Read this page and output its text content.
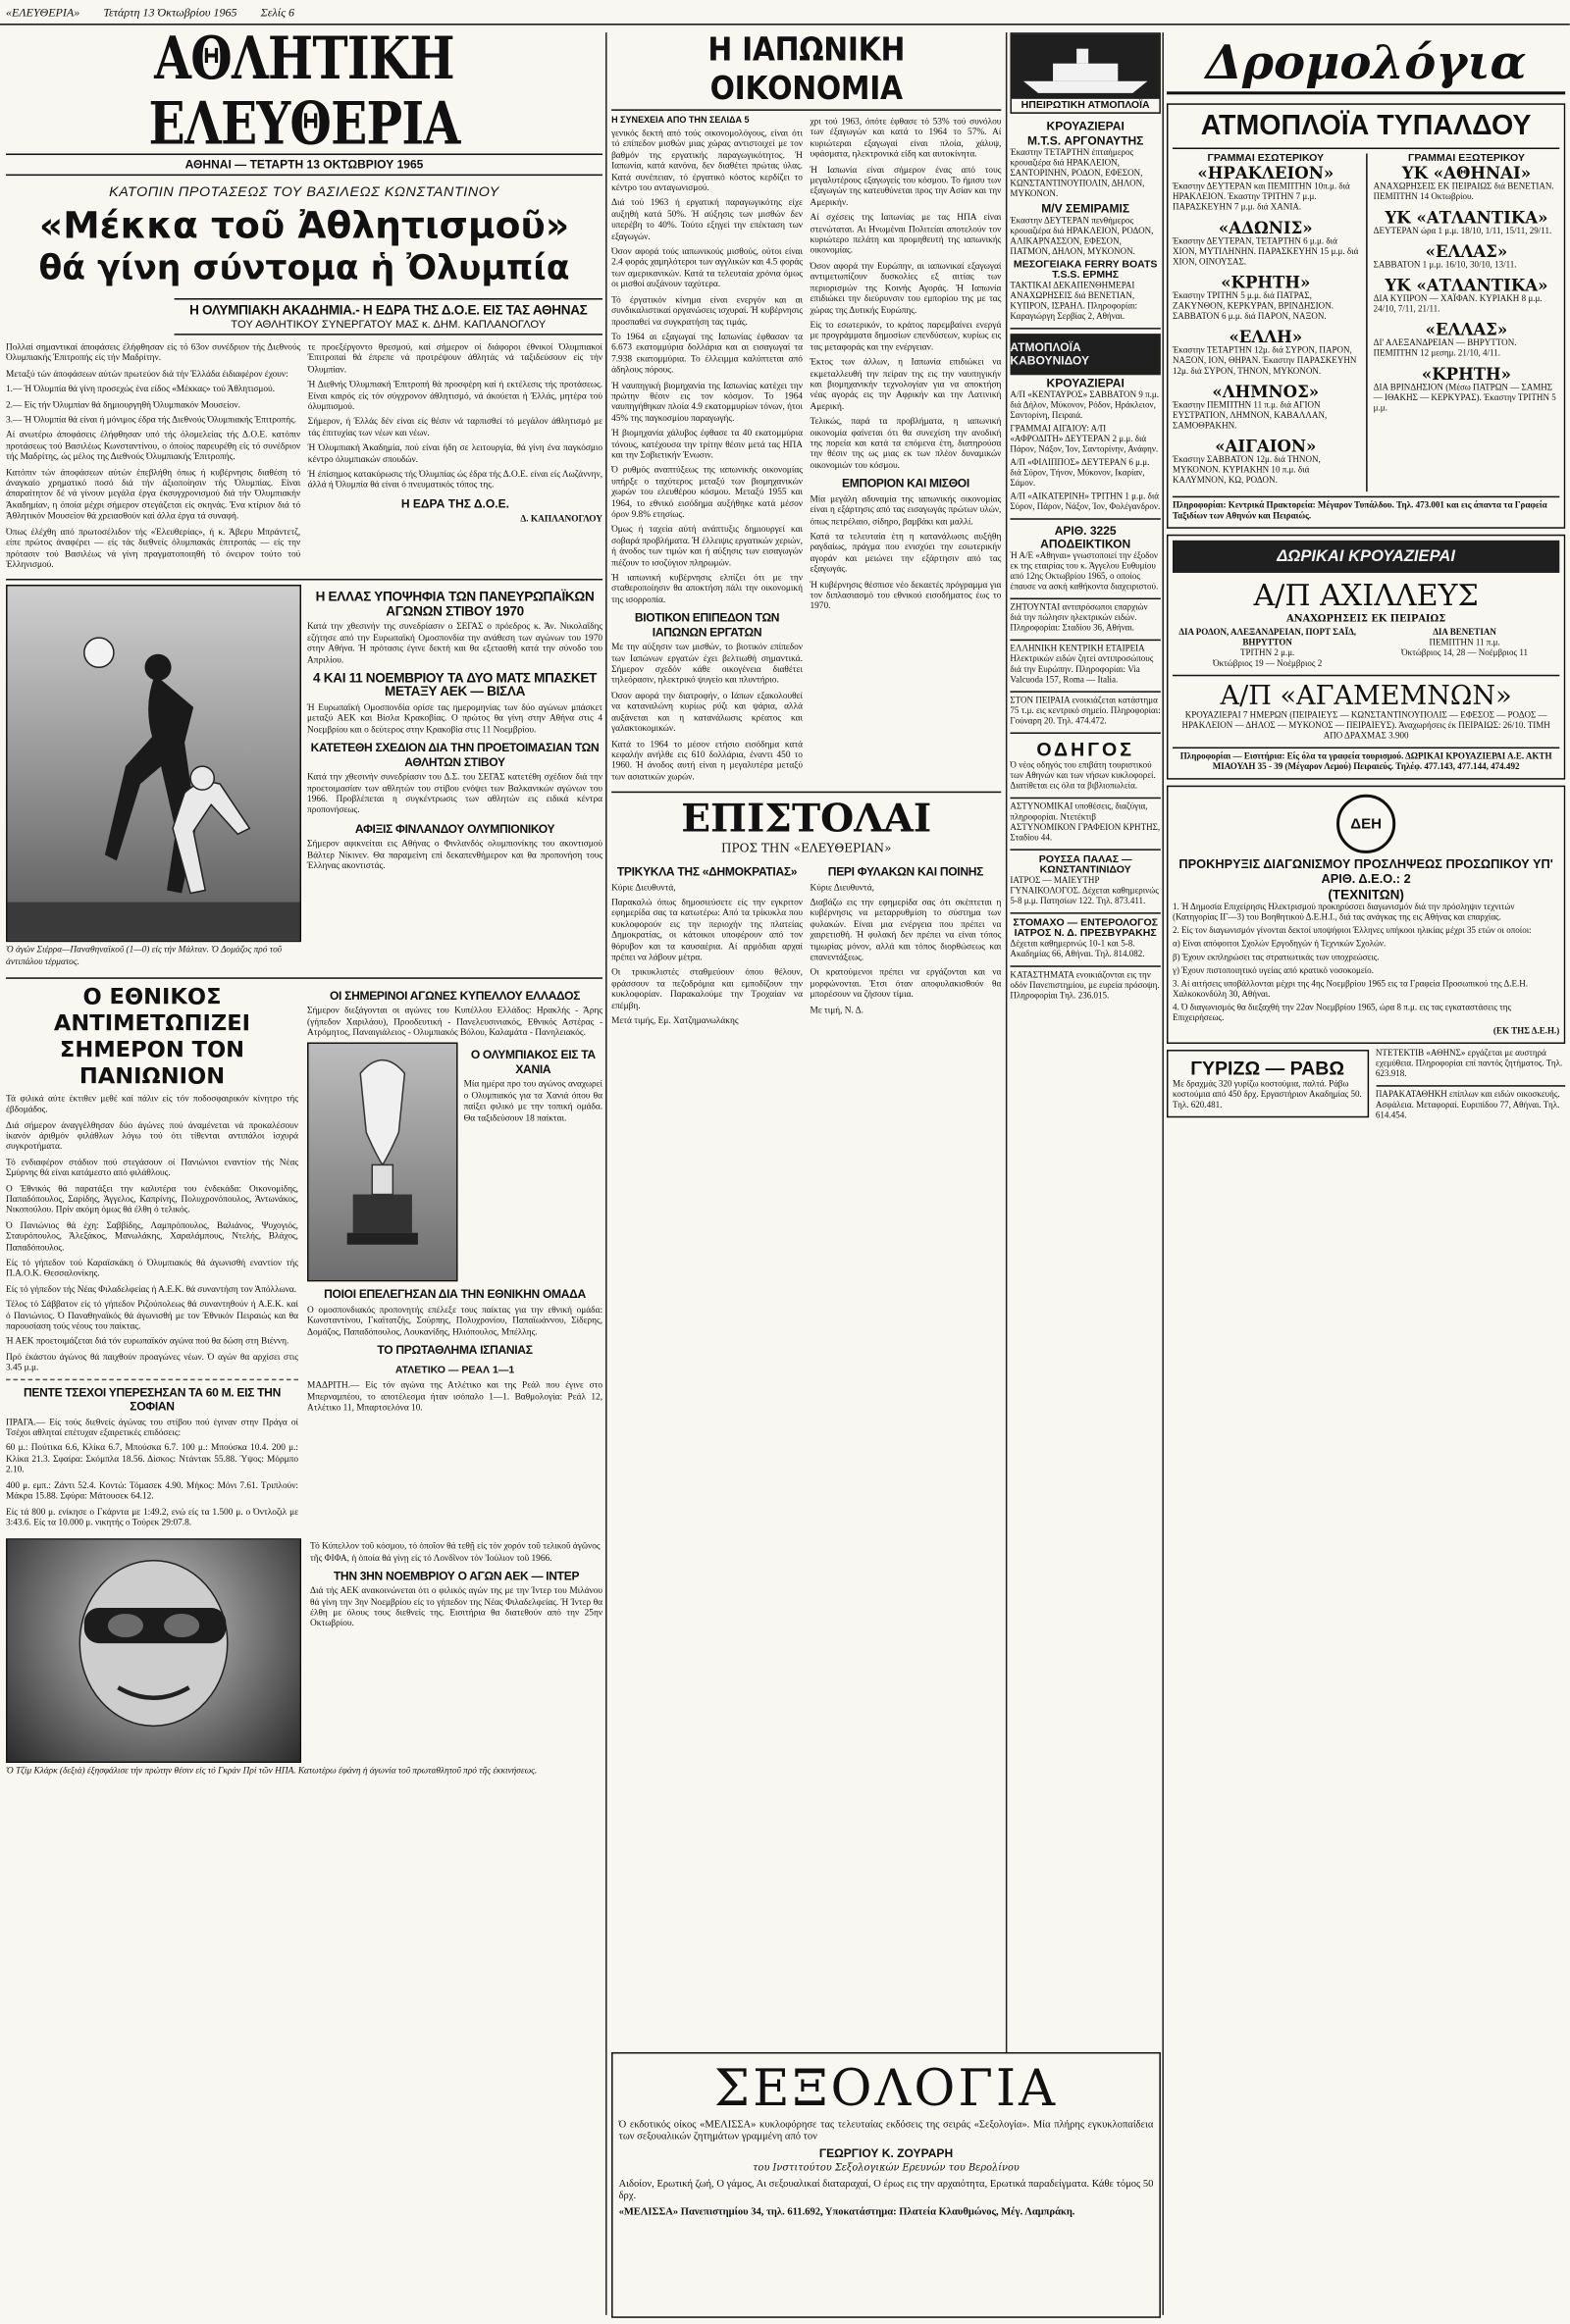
«ΕΛΕΥΘΕΡΙΑ»	Τετάρτη 13 Όκτωβρίου 1965	Σελίς 6
ΑΘΛΗΤΙΚΗ ΕΛΕΥΘΕΡΙΑ
ΑΘΗΝΑΙ — ΤΕΤΑΡΤΗ 13 ΟΚΤΩΒΡΙΟΥ 1965
ΚΑΤΟΠΙΝ ΠΡΟΤΑΣΕΩΣ ΤΟΥ ΒΑΣΙΛΕΩΣ ΚΩΝΣΤΑΝΤΙΝΟΥ
«Μέκκα τοῦ Ἀθλητισμοῦ»
θά γίνη σύντομα ἡ Ὀλυμπία
Η ΟΛΥΜΠΙΑΚΗ ΑΚΑΔΗΜΙΑ.- Η ΕΔΡΑ ΤΗΣ Δ.Ο.Ε. ΕΙΣ ΤΑΣ ΑΘΗΝΑΣ
ΤΟΥ ΑΘΛΗΤΙΚΟΥ ΣΥΝΕΡΓΑΤΟΥ ΜΑΣ κ. ΔΗΜ. ΚΑΠΛΑΝΟΓΛΟΥ

Πολλαί σημαντικαί άποφάσεις έλήφθησαν είς τό 63ον συνέδριον τής Διεθνούς Όλυμπιακής Έπιτροπής είς τήν Μαδρίτην.

Μεταξύ τών άποφάσεων αύτών πρωτεύον διά τήν Έλλάδα έιδιαφέρον έχουν:

1.— Ή Όλυμπία θά γίνη προσεχώς ένα είδος «Μέκκας» τού Άθλητισμού.

2.— Είς τήν Όλυμπίαν θά δημιουργηθή Όλυμπιακόν Μουσείον.

3.— Ή Όλυμπία θά είναι ή μόνιμος έδρα τής Διεθνούς Όλυμπιακής Έπιτροπής.

Αί ανωτέρω άποφάσεις έλήφθησαν υπό τής όλομελείας τής Δ.Ο.Ε. κατόπιν προτάσεως τού Βασιλέως Κωνσταντίνου, ο όποίος παρευρέθη είς τό συνέδριον τής Μαδρίτης, ώς μέλος της Διεθνούς Όλυμπιακής Έπιτροπής.

Κατόπιν τών άποφάσεων αύτών έπεβλήθη όπως ή κυβέρνησις διαθέση τό άναγκαίο χρηματικό ποσό διά τήν άξιοποίησιν τής Όλυμπίας. Είναι άπαραίτητον δέ νά γίνουν μεγάλα έργα έκσυγχρονισμού διά τήν Όλυμπιακήν Άκαδημίαν, η όποία μέχρι σήμερον στεγάζεται είς σκηνάς. Ένα κτίριον διά τό Άθλητικόν Μουσείον θά χρειασθούν καί άλλα έργα τά συναφή.

Όπως έλέχθη από πρωτοσέλιδον τής «Έλευθερίας», ή κ. Άβερυ Μπράντετζ, είπε πρώτος άναφέρει — είς τάς διεθνείς όλυμπιακάς έπιτροπάς — είς την πρότασιν τού Βασιλέως νά γίνη πραγματοποιηθή τό όνειρον τούτο τού Έλληνισμού.

τε προεξέργοντο θρεσμού, καί σήμερον οί διάφοροι έθνικοί Όλυμπιακοί Έπιτροπαί θά έπρεπε νά προτρέψουν άθλητάς νά ταξιδεύσουν είς τήν Όλυμπίαν.

Ή Διεθνής Όλυμπιακή Έπιτροπή θά προσφέρη καί ή εκτέλεσις τής προτάσεως. Είναι καιρός είς τόν σύγχρονον άθλητισμό, νά άκούεται ή Έλλάς, μητέρα τού όλυμπισμού.

Σήμερον, ή Έλλάς δέν είναι είς θέσιν νά ταρπισθεί τό μεγάλον άθλητισμό με τάς έπιτυχίας των νέων και νέων.

Ή Όλυμπιακή Άκαδημία, πού είναι ήδη σε λειτουργία, θά γίνη ένα παγκόσμιο κέντρο όλυμπιακών σπουδών.

Ή έπίσημος κατακύρωσις τής Όλυμπίας ώς έδρα τής Δ.Ο.Ε. είναι είς Λωζάννην, άλλά ή Όλυμπία θά είναι ό πνευματικός τόπος της.

Η ΕΔΡΑ ΤΗΣ Δ.Ο.Ε.
Δ. ΚΑΠΛΑΝΟΓΛΟΥ
Ὁ ἀγών Σιέρρα—Παναθηναϊκοῦ (1—0) εἰς τήν Μάλταν. Ὁ Δομάζος πρό τοῦ ἀντιπάλου τέρματος.
Η ΕΛΛΑΣ ΥΠΟΨΗΦΙΑ ΤΩΝ ΠΑΝΕΥΡΩΠΑΪΚΩΝ ΑΓΩΝΩΝ ΣΤΙΒΟΥ 1970
Κατά την χθεσινήν της συνεδρίασιν ο ΣΕΓΑΣ ο πρόεδρος κ. Άν. Νικολαΐδης εζήτησε από την Ευρωπαϊκή Ομοσπονδία την ανάθεση των αγώνων του 1970 στην Αθήνα. Ή πρότασις έγινε δεκτή και θα εξετασθή κατά την σύνοδο του Απριλίου.
4 ΚΑΙ 11 ΝΟΕΜΒΡΙΟΥ ΤΑ ΔΥΟ ΜΑΤΣ ΜΠΑΣΚΕΤ ΜΕΤΑΞΥ ΑΕΚ — ΒΙΣΛΑ
Ή Ευρωπαϊκή Ομοσπονδία ορίσε τας ημερομηνίας των δύο αγώνων μπάσκετ μεταξύ ΑΕΚ και Βίσλα Κρακοβίας. Ο πρώτος θα γίνη στην Αθήνα στις 4 Νοεμβρίου και ο δεύτερος στην Κρακοβία στις 11 Νοεμβρίου.
ΚΑΤΕΤΕΘΗ ΣΧΕΔΙΟΝ ΔΙΑ ΤΗΝ ΠΡΟΕΤΟΙΜΑΣΙΑΝ ΤΩΝ ΑΘΛΗΤΩΝ ΣΤΙΒΟΥ
Κατά την χθεσινήν συνεδρίασιν του Δ.Σ. του ΣΕΓΑΣ κατετέθη σχέδιον διά την προετοιμασίαν των αθλητών του στίβου ενόψει των Βαλκανικών αγώνων του 1966. Προβλέπεται η συγκέντρωσις των αθλητών εις ειδικά κέντρα προπονήσεως.
ΑΦΙΞΙΣ ΦΙΝΛΑΝΔΟΥ ΟΛΥΜΠΙΟΝΙΚΟΥ
Σήμερον αφικνείται εις Αθήνας ο Φινλανδός ολυμπιονίκης του ακοντισμού Βάλτερ Νίκινεν. Θα παραμείνη επί δεκαπενθήμερον και θα προπονήση τους Έλληνας ακοντιστάς.
Ο ΕΘΝΙΚΟΣ ΑΝΤΙΜΕΤΩΠΙΖΕΙ
ΣΗΜΕΡΟΝ ΤΟΝ ΠΑΝΙΩΝΙΟΝ

Τά φιλικά αύτε έκτιθεν μεθέ καί πάλιν είς τόν ποδοσφαιρικόν κίνητρο τής έβδομάδος.

Διά σήμερον άναγγέλθησαν δύο άγώνες πού άναμένεται νά προκαλέσουν ίκανόν άριθμόν φιλάθλων λόγω τού ότι τίθενται αντιπάλοι ίσχυρά συγκροτήματα.

Τό ενδιαφέρον στάδιον πού στεγάσουν οί Πανιώνιοι εναντίον τής Νέας Σμύρνης θά είναι κατάμεστο από φιλάθλους.

Ο Έθνικός θά παρατάξει την καλυτέρα του ένδεκάδα: Οικονομίδης, Παπαδόπουλος, Σαρίδης, Άγγελος, Καπρίνης, Πολυχρονόπουλος, Άντωνάκος, Νικοπούλου. Πρίν ακόμη όμως θά έλθη ό τελικός.

Ό Πανιώνιος θά έχη: Σαββίδης, Λαμπρόπουλος, Βαλιάνος, Ψυχογιός, Σταυρόπουλος, Άλεξάκος, Μανωλάκης, Χαραλάμπους, Ντελής, Βλάχος, Παπαδόπουλος.

Είς τό γήπεδον τού Καραϊσκάκη ό Όλυμπιακός θά άγωνισθή εναντίον τής Π.Α.Ο.Κ. Θεσσαλονίκης.

Είς τό γήπεδον τής Νέας Φιλαδελφείας ή Α.Ε.Κ. θά συναντήση τον Άπόλλωνα.

Τέλος τό Σάββατον είς τό γήπεδον Ριζούπολεως θά συναντηθούν ή Α.Ε.Κ. καί ό Πανιώνιος. Ό Παναθηναϊκός θά άγωνισθή με τον Έθνικόν Πειραιώς και θα παρουσίαση τούς νέους του παίκτας.

Ή ΑΕΚ προετοιμάζεται διά τόν ευρωπαϊκόν αγώνα πού θα δώση στη Βιέννη.

Πρό έκάστου άγώνος θά παιχθούν προαγώνες νέων. Ό αγών θα αρχίσει στις 3.45 μ.μ.

ΠΕΝΤΕ ΤΣΕΧΟΙ ΥΠΕΡΕΣΗΣΑΝ ΤΑ 60 Μ. ΕΙΣ ΤΗΝ ΣΟΦΙΑΝ

ΠΡΑΓΑ.— Είς τούς διεθνείς άγώνας του στίβου πού έγιναν στην Πράγα οί Τσέχοι αθληταί επέτυχαν εξαιρετικές επιδόσεις:

60 μ.: Πούτικα 6.6, Κλίκα 6.7, Μπούσκα 6.7. 100 μ.: Μπούσκα 10.4. 200 μ.: Κλίκα 21.3. Σφαίρα: Σκόμπλα 18.56. Δίσκος: Ντάντακ 55.88. Ύψος: Μόρμπο 2.10.

400 μ. εμπ.: Ζάντι 52.4. Κοντώ: Τόμασεκ 4.90. Μήκος: Μόνι 7.61. Τριπλούν: Μάκρα 15.88. Σφύρα: Μάτουσεκ 64.12.

Είς τά 800 μ. ενίκησε ο Γκάρντα με 1:49.2, ενώ είς τα 1.500 μ. ο Όντλοζιλ με 3:43.6. Είς τα 10.000 μ. νικητής ο Τούρεκ 29:07.8.

ΟΙ ΣΗΜΕΡΙΝΟΙ ΑΓΩΝΕΣ ΚΥΠΕΛΛΟΥ ΕΛΛΑΔΟΣ
Σήμερον διεξάγονται οι αγώνες του Κυπέλλου Ελλάδος: Ηρακλής - Άρης (γήπεδον Χαριλάου), Προοδευτική - Πανελευσινιακός, Εθνικός Αστέρας - Ατρόμητος, Παναιγιάλειος - Ολυμπιακός Βόλου, Καλαμάτα - Πανηλειακός.
Ο ΟΛΥΜΠΙΑΚΟΣ ΕΙΣ ΤΑ ΧΑΝΙΑ
Μία ημέρα προ του αγώνος αναχωρεί ο Ολυμπιακός για τα Χανιά όπου θα παίξει φιλικό με την τοπική ομάδα. Θα ταξιδεύσουν 18 παίκται.
ΠΟΙΟΙ ΕΠΕΛΕΓΗΣΑΝ ΔΙΑ ΤΗΝ ΕΘΝΙΚΗΝ ΟΜΑΔΑ
Ο ομοσπονδιακός προπονητής επέλεξε τους παίκτας για την εθνική ομάδα: Κωνσταντίνου, Γκαϊτατζής, Σούρπης, Πολυχρονίου, Παπαϊωάννου, Σίδερης, Δομάζος, Παπαδόπουλος, Λουκανίδης, Ηλιόπουλος, Μπέλλης.
ΤΟ ΠΡΩΤΑΘΛΗΜΑ ΙΣΠΑΝΙΑΣ
ΑΤΛΕΤΙΚΟ — ΡΕΑΛ 1—1
ΜΑΔΡΙΤΗ.— Είς τόν αγώνα της Ατλέτικο και της Ρεάλ που έγινε στο Μπερναμπέου, το αποτέλεσμα ήταν ισόπαλο 1—1. Βαθμολογία: Ρεάλ 12, Ατλέτικο 11, Μπαρτσελόνα 10.
Τό Κύπελλον τοῦ κόσμου, τό ὁποῖον θά τεθῇ εἰς τόν χορόν τοῦ τελικοῦ ἀγῶνος τῆς ΦΙΦΑ, ἡ ὁποία θά γίνῃ εἰς τό Λονδῖνον τόν Ἰούλιον τοῦ 1966.
ΤΗΝ 3ΗΝ ΝΟΕΜΒΡΙΟΥ Ο ΑΓΩΝ ΑΕΚ — ΙΝΤΕΡ
Διά τής ΑΕΚ ανακοινώνεται ότι ο φιλικός αγών της με την Ίντερ του Μιλάνου θά γίνη την 3ην Νοεμβρίου είς το γήπεδον της Νέας Φιλαδελφείας. Ή Ίντερ θα έλθη με όλους τους διεθνείς της. Εισιτήρια θα διατεθούν από την 25ην Οκτωβρίου.
Ὁ Τζίμ Κλάρκ (δεξιά) ἐξησφάλισε τήν πρώτην θέσιν εἰς τό Γκράν Πρί τῶν ΗΠΑ. Κατωτέρω ἐφάνη ἡ ἀγωνία τοῦ πρωταθλητοῦ πρό τῆς ἐκκινήσεως.
Η ΙΑΠΩΝΙΚΗ ΟΙΚΟΝΟΜΙΑ
Η ΣΥΝΕΧΕΙΑ ΑΠΟ ΤΗΝ ΣΕΛΙΔΑ 5

γενικός δεκτή από τούς οικονομολόγους, είναι ότι τό επίπεδον μισθών μιας χώρας αντιστοιχεί με τον βαθμόν της εργατικής παραγωγικότητος. Ή Ιαπωνία, κατά κανόνα, δεν διαθέτει πρώτας ύλας. Κατά συνέπειαν, τό έργατικό κόστος κερδίζει το κέντρο του ανταγωνισμού.

Διά τού 1963 ή εργατική παραγωγικότης είχε αυξηθή κατά 50%. Ή αύξησις των μισθών δεν υπερέβη το 40%. Τούτο εξηγεί την επέκταση των εξαγωγών.

Όσον αφορά τούς ιαπωνικούς μισθούς, ούτοι είναι 2.4 φοράς χαμηλότεροι των αγγλικών και 4.5 φοράς των αμερικανικών. Κατά τα τελευταία χρόνια όμως οι μισθοί αυξάνουν ταχύτερα.

Τό έργατικόν κίνημα είναι ενεργόν και αι συνδικαλιστικαί οργανώσεις ισχυραί. Ή κυβέρνησις προσπαθεί να συγκρατήση τας τιμάς.

Το 1964 αι εξαγωγαί της Ιαπωνίας έφθασαν τα 6.673 εκατομμύρια δολλάρια και αι εισαγωγαί τα 7.938 εκατομμύρια. Το έλλειμμα καλύπτεται από άδηλους πόρους.

Ή ναυπηγική βιομηχανία της Ιαπωνίας κατέχει την πρώτην θέσιν εις τον κόσμον. Το 1964 ναυπηγήθηκαν πλοία 4.9 εκατομμυρίων τόνων, ήτοι 45% της παγκοσμίου παραγωγής.

Ή βιομηχανία χάλυβος έφθασε τα 40 εκατομμύρια τόνους, κατέχουσα την τρίτην θέσιν μετά τας ΗΠΑ και την Σοβιετικήν Ένωσιν.

Ό ρυθμός αναπτύξεως της ιαπωνικής οικονομίας υπήρξε ο ταχύτερος μεταξύ των βιομηχανικών χωρών του ελευθέρου κόσμου. Μεταξύ 1955 και 1964, το εθνικό εισόδημα αυξήθηκε κατά μέσον όρον 9.8% ετησίως.

Όμως ή ταχεία αύτή ανάπτυξις δημιουργεί και σοβαρά προβλήματα. Ή έλλειψις εργατικών χεριών, ή άνοδος των τιμών και ή αύξησις των εισαγωγών πιέζουν το ισοζύγιον πληρωμών.

Ή ιαπωνική κυβέρνησις ελπίζει ότι με την σταθεροποίησιν θα αποκτήση πάλι την οικονομική της ισορροπία.

ΒΙΟΤΙΚΟΝ ΕΠΙΠΕΔΟΝ ΤΩΝ ΙΑΠΩΝΩΝ ΕΡΓΑΤΩΝ

Με την αύξησιν των μισθών, το βιοτικόν επίπεδον των Ιαπώνων εργατών έχει βελτιωθή σημαντικά. Σήμερον σχεδόν κάθε οικογένεια διαθέτει τηλεόρασιν, ηλεκτρικό ψυγείο και πλυντήριο.

Όσον αφορά την διατροφήν, ο Ιάπων εξακολουθεί να καταναλώνη κυρίως ρύζι και ψάρια, αλλά αυξάνεται και η κατανάλωσις κρέατος και γαλακτοκομικών.

Κατά το 1964 το μέσον ετήσιο εισόδημα κατά κεφαλήν ανήλθε εις 610 δολλάρια, έναντι 450 το 1960. Ή άνοδος αυτή είναι η μεγαλυτέρα μεταξύ των ασιατικών χωρών.

χρι τού 1963, όπότε έφθασε τό 53% τού συνόλου των έξαγωγών και κατά το 1964 το 57%. Αί κυριώτεραι εξαγωγαί είναι πλοία, χάλυψ, υφάσματα, ηλεκτρονικά είδη και αυτοκίνητα.

Ή Ιαπωνία είναι σήμερον ένας από τους μεγαλυτέρους εξαγωγείς του κόσμου. Το ήμισυ των εξαγωγών της κατευθύνεται προς την Ασίαν και την Αμερικήν.

Αί σχέσεις της Ιαπωνίας με τας ΗΠΑ είναι στενώταται. Αι Ηνωμέναι Πολιτείαι αποτελούν τον κυριώτερο πελάτη και προμηθευτή της ιαπωνικής οικονομίας.

Όσον αφορά την Ευρώπην, αι ιαπωνικαί εξαγωγαί αντιμετωπίζουν δυσκολίες εξ αιτίας των περιορισμών της Κοινής Αγοράς. Ή Ιαπωνία επιδιώκει την διεύρυνσιν του εμπορίου της με τας χώρας της Δυτικής Ευρώπης.

Είς το εσωτερικόν, το κράτος παρεμβαίνει ενεργά με προγράμματα δημοσίων επενδύσεων, κυρίως εις τας μεταφοράς και την ενέργειαν.

Έκτος των άλλων, η Ιαπωνία επιδιώκει να εκμεταλλευθή την πείραν της εις την ναυπηγικήν και βιομηχανικήν τεχνολογίαν για να αποκτήση νέας αγοράς εις την Αφρικήν και την Λατινική Αμερική.

Τελικώς, παρά τα προβλήματα, η ιαπωνική οικονομία φαίνεται ότι θα συνεχίση την ανοδική της πορεία και κατά τα επόμενα έτη, διατηρούσα την θέσιν της ως μιας εκ των πλέον δυναμικών οικονομιών του κόσμου.

ΕΜΠΟΡΙΟΝ ΚΑΙ ΜΙΣΘΟΙ

Μία μεγάλη αδυναμία της ιαπωνικής οικονομίας είναι η εξάρτησις από τας εισαγωγάς πρώτων υλών, όπως πετρέλαιο, σίδηρο, βαμβάκι και μαλλί.

Κατά τα τελευταία έτη η κατανάλωσις αυξήθη ραγδαίως, πράγμα που ενισχύει την εσωτερικήν αγοράν και μειώνει την εξάρτησιν από τας εξαγωγάς.

Ή κυβέρνησις θέσπισε νέο δεκαετές πρόγραμμα για τον διπλασιασμό του εθνικού εισοδήματος έως το 1970.

ΕΠΙΣΤΟΛΑΙ
ΠΡΟΣ ΤΗΝ «ΕΛΕΥΘΕΡΙΑΝ»
ΤΡΙΚΥΚΛΑ ΤΗΣ «ΔΗΜΟΚΡΑΤΙΑΣ»

Κύριε Διευθυντά,

Παρακαλώ όπως δημοσιεύσετε είς την εγκριτον εφημερίδα σας τα κατωτέρω: Από τα τρίκυκλα που κυκλοφορούν εις την περιοχήν της πλατείας Δημοκρατίας, οι κάτοικοι υποφέρουν από τον θόρυβον και τα καυσαέρια. Αί αρμόδιαι αρχαί πρέπει να λάβουν μέτρα.

Οι τρικυκλιστές σταθμεύουν όπου θέλουν, φράσσουν τα πεζοδρόμια και εμποδίζουν την κυκλοφορίαν. Παρακαλούμε την Τροχαίαν να επέμβη.

Μετά τιμής, Εμ. Χατζημανωλάκης

ΠΕΡΙ ΦΥΛΑΚΩΝ ΚΑΙ ΠΟΙΝΗΣ

Κύριε Διευθυντά,

Διαβάζω εις την εφημερίδα σας ότι σκέπτεται η κυβέρνησις να μεταρρυθμίση το σύστημα των φυλακών. Είναι μια ενέργεια που πρέπει να χαιρετισθή. Ή φυλακή δεν πρέπει να είναι τόπος τιμωρίας μόνον, αλλά και τόπος διορθώσεως και επανεντάξεως.

Οι κρατούμενοι πρέπει να εργάζονται και να μορφώνονται. Έτσι όταν αποφυλακισθούν θα μπορέσουν να ζήσουν τίμια.

Με τιμή, Ν. Δ.

ΗΠΕΙΡΩΤΙΚΗ ΑΤΜΟΠΛΟΪΑ
ΚΡΟΥΑΖΙΕΡΑΙ
Μ.Τ.S. ΑΡΓΟΝΑΥΤΗΣ
Έκαστην ΤΕΤΑΡΤΗΝ έπταήμερος κρουαζιέρα διά ΗΡΑΚΛΕΙΟΝ, ΣΑΝΤΟΡΙΝΗΝ, ΡΟΔΟΝ, ΕΦΕΣΟΝ, ΚΩΝΣΤΑΝΤΙΝΟΥΠΟΛΙΝ, ΔΗΛΟΝ, ΜΥΚΟΝΟΝ.
Μ/V ΣΕΜΙΡΑΜΙΣ
Έκαστην ΔΕΥΤΕΡΑΝ πενθήμερος κρουαζιέρα διά ΗΡΑΚΛΕΙΟΝ, ΡΟΔΟΝ, ΑΛΙΚΑΡΝΑΣΣΟΝ, ΕΦΕΣΟΝ, ΠΑΤΜΟΝ, ΔΗΛΟΝ, ΜΥΚΟΝΟΝ.
ΜΕΣΟΓΕΙΑΚΑ FERRY BOATS Τ.S.S. ΕΡΜΗΣ
ΤΑΚΤΙΚΑΙ ΔΕΚΑΠΕΝΘΗΜΕΡΑΙ ΑΝΑΧΩΡΗΣΕΙΣ διά ΒΕΝΕΤΙΑΝ, ΚΥΠΡΟΝ, ΙΣΡΑΗΛ. Πληροφορίαι: Καραγιώργη Σερβίας 2, Αθήναι.
ΑΤΜΟΠΛΟΪΑ ΚΑΒΟΥΝΙΔΟΥ
ΚΡΟΥΑΖΙΕΡΑΙ

Α/Π «ΚΕΝΤΑΥΡΟΣ» ΣΑΒΒΑΤΟΝ 9 π.μ. διά Δήλον, Μύκονον, Ρόδον, Ηράκλειον, Σαντορίνη, Πειραιά.

ΓΡΑΜΜΑΙ ΑΙΓΑΙΟΥ: Α/Π «ΑΦΡΟΔΙΤΗ» ΔΕΥΤΕΡΑΝ 2 μ.μ. διά Πάρον, Νάξον, Ίον, Σαντορίνην, Ανάφην.

Α/Π «ΦΙΛΙΠΠΟΣ» ΔΕΥΤΕΡΑΝ 6 μ.μ. διά Σύρον, Τήνον, Μύκονον, Ικαρίαν, Σάμον.

Α/Π «ΑΙΚΑΤΕΡΙΝΗ» ΤΡΙΤΗΝ 1 μ.μ. διά Σύρον, Πάρον, Νάξον, Ίον, Φολέγανδρον.

ΑΡΙΘ. 3225 ΑΠΟΔΕΙΚΤΙΚΟΝ
Ή Α/Ε «Αθηναι» γνωστοποιεί την έξοδον εκ της εταιρίας του κ. Άγγελου Ευθυμίου από 12ης Οκτωβρίου 1965, ο οποίος έπαυσε να ασκή καθήκοντα διαχειριστού.
ΖΗΤΟΥΝΤΑΙ αντιπρόσωποι επαρχιών διά την πώλησιν ηλεκτρικών ειδών. Πληροφορίαι: Σταδίου 36, Αθήναι.
ΕΛΛΗΝΙΚΗ ΚΕΝΤΡΙΚΗ ΕΤΑΙΡΕΙΑ Ηλεκτρικών ειδών ζητεί αντιπροσώπους διά την Ευρώπην. Πληροφορίαι: Via Valcuoda 157, Roma — Italia.
ΣΤΟΝ ΠΕΙΡΑΙΑ ενοικιάζεται κατάστημα 75 τ.μ. εις κεντρικό σημείο. Πληροφορίαι: Γούναρη 20. Τηλ. 474.472.
ΟΔΗΓΟΣ
Ό νέος οδηγός του επιβάτη τουριστικού των Αθηνών και των νήσων κυκλοφορεί. Διατίθεται εις όλα τα βιβλιοπωλεία.
ΑΣΤΥΝΟΜΙΚΑΙ υποθέσεις, διαζύγια, πληροφορίαι. Ντετέκτιβ ΑΣΤΥΝΟΜΙΚΟΝ ΓΡΑΦΕΙΟΝ ΚΡΗΤΗΣ, Σταδίου 44.
ΡΟΥΣΣΑ ΠΑΛΑΣ — ΚΩΝΣΤΑΝΤΙΝΙΔΟΥ
ΙΑΤΡΟΣ — ΜΑΙΕΥΤΗΡ ΓΥΝΑΙΚΟΛΟΓΟΣ. Δέχεται καθημερινώς 5-8 μ.μ. Πατησίων 122. Τηλ. 873.411.
ΣΤΟΜΑΧΟ — ΕΝΤΕΡΟΛΟΓΟΣ ΙΑΤΡΟΣ Ν. Δ. ΠΡΕΣΒΥΡΑΚΗΣ
Δέχεται καθημερινώς 10-1 και 5-8. Ακαδημίας 66, Αθήναι. Τηλ. 814.082.
ΚΑΤΑΣΤΗΜΑΤΑ ενοικιάζονται εις την οδόν Πανεπιστημίου, με ευρεία πρόσοψη. Πληροφορίαι Τηλ. 236.015.
ΣΕΞΟΛΟΓΙΑ
Ό εκδοτικός οίκος «ΜΕΛΙΣΣΑ» κυκλοφόρησε τας τελευταίας εκδόσεις της σειράς «Σεξολογία». Μία πλήρης εγκυκλοπαίδεια των σεξουαλικών ζητημάτων γραμμένη από τον
ΓΕΩΡΓΙΟΥ Κ. ΖΟΥΡΑΡΗ
του Ινστιτούτου Σεξολογικών Ερευνών του Βερολίνου
Αιδοίον, Ερωτική ζωή, Ο γάμος, Αι σεξουαλικαί διαταραχαί, Ο έρως εις την αρχαιότητα, Ερωτικά παραδείγματα. Κάθε τόμος 50 δρχ.
«ΜΕΛΙΣΣΑ» Πανεπιστημίου 34, τηλ. 611.692, Υποκατάστημα: Πλατεία Κλαυθμώνος, Μέγ. Λαμπράκη.
Δρομολόγια
ΑΤΜΟΠΛΟΪΑ ΤΥΠΑΛΔΟΥ
ΓΡΑΜΜΑΙ ΕΣΩΤΕΡΙΚΟΥ
«ΗΡΑΚΛΕΙΟΝ»
Έκαστην ΔΕΥΤΕΡΑΝ και ΠΕΜΠΤΗΝ 10π.μ. διά ΗΡΑΚΛΕΙΟΝ. Έκαστην ΤΡΙΤΗΝ 7 μ.μ. ΠΑΡΑΣΚΕΥΗΝ 7 μ.μ. διά ΧΑΝΙΑ.
«ΑΔΩΝΙΣ»
Έκαστην ΔΕΥΤΕΡΑΝ, ΤΕΤΑΡΤΗΝ 6 μ.μ. διά ΧΙΟΝ, ΜΥΤΙΛΗΝΗΝ. ΠΑΡΑΣΚΕΥΗΝ 15 μ.μ. διά ΧΙΟΝ, ΟΙΝΟΥΣΑΣ.
«ΚΡΗΤΗ»
Έκαστην ΤΡΙΤΗΝ 5 μ.μ. διά ΠΑΤΡΑΣ, ΖΑΚΥΝΘΟΝ, ΚΕΡΚΥΡΑΝ, ΒΡΙΝΔΗΣΙΟΝ. ΣΑΒΒΑΤΟΝ 6 μ.μ. διά ΠΑΡΟΝ, ΝΑΞΟΝ.
«ΕΛΛΗ»
Έκαστην ΤΕΤΑΡΤΗΝ 12μ. διά ΣΥΡΟΝ, ΠΑΡΟΝ, ΝΑΞΟΝ, ΙΟΝ, ΘΗΡΑΝ. Έκαστην ΠΑΡΑΣΚΕΥΗΝ 12μ. διά ΣΥΡΟΝ, ΤΗΝΟΝ, ΜΥΚΟΝΟΝ.
«ΛΗΜΝΟΣ»
Έκαστην ΠΕΜΠΤΗΝ 11 π.μ. διά ΑΓΙΟΝ ΕΥΣΤΡΑΤΙΟΝ, ΛΗΜΝΟΝ, ΚΑΒΑΛΛΑΝ, ΣΑΜΟΘΡΑΚΗΝ.
«ΑΙΓΑΙΟΝ»
Έκαστην ΣΑΒΒΑΤΟΝ 12μ. διά ΤΗΝΟΝ, ΜΥΚΟΝΟΝ. ΚΥΡΙΑΚΗΝ 10 π.μ. διά ΚΑΛΥΜΝΟΝ, ΚΩ, ΡΟΔΟΝ.
ΓΡΑΜΜΑΙ ΕΞΩΤΕΡΙΚΟΥ
ΥΚ «ΑΘΗΝΑΙ»
ΑΝΑΧΩΡΗΣΕΙΣ ΕΚ ΠΕΙΡΑΙΩΣ διά ΒΕΝΕΤΙΑΝ. ΠΕΜΠΤΗΝ 14 Οκτωβρίου.
ΥΚ «ΑΤΛΑΝΤΙΚΑ»
ΔΕΥΤΕΡΑΝ ώρα 1 μ.μ. 18/10, 1/11, 15/11, 29/11.
«ΕΛΛΑΣ»
ΣΑΒΒΑΤΟΝ 1 μ.μ. 16/10, 30/10, 13/11.
ΥΚ «ΑΤΛΑΝΤΙΚΑ»
ΔΙΑ ΚΥΠΡΟΝ — ΧΑΪΦΑΝ. ΚΥΡΙΑΚΗ 8 μ.μ. 24/10, 7/11, 21/11.
«ΕΛΛΑΣ»
ΔΙ' ΑΛΕΞΑΝΔΡΕΙΑΝ — ΒΗΡΥΤΤΟΝ. ΠΕΜΠΤΗΝ 12 μεσημ. 21/10, 4/11.
«ΚΡΗΤΗ»
ΔΙΑ ΒΡΙΝΔΗΣΙΟΝ (Μέσω ΠΑΤΡΩΝ — ΣΑΜΗΣ — ΙΘΑΚΗΣ — ΚΕΡΚΥΡΑΣ). Έκαστην ΤΡΙΤΗΝ 5 μ.μ.
Πληροφορίαι: Κεντρικά Πρακτορεία: Μέγαρον Τυπάλδου. Τηλ. 473.001 και εις άπαντα τα Γραφεία Ταξιδίων των Αθηνών και Πειραιώς.
ΔΩΡΙΚΑΙ ΚΡΟΥΑΖΙΕΡΑΙ
Α/Π ΑΧΙΛΛΕΥΣ
ΑΝΑΧΩΡΗΣΕΙΣ ΕΚ ΠΕΙΡΑΙΩΣ
ΔΙΑ ΡΟΔΟΝ, ΑΛΕΞΑΝΔΡΕΙΑΝ, ΠΟΡΤ ΣΑΪΔ, ΒΗΡΥΤΤΟΝ
ΤΡΙΤΗΝ 2 μ.μ.
Όκτώβριος 19 — Νοέμβριος 2
ΔΙΑ ΒΕΝΕΤΙΑΝ
ΠΕΜΠΤΗΝ 11 π.μ.
Όκτώβριος 14, 28 — Νοέμβριος 11
Α/Π «ΑΓΑΜΕΜΝΩΝ»
ΚΡΟΥΑΖΙΕΡΑΙ 7 ΗΜΕΡΩΝ (ΠΕΙΡΑΙΕΥΣ — ΚΩΝΣΤΑΝΤΙΝΟΥΠΟΛΙΣ — ΕΦΕΣΟΣ — ΡΟΔΟΣ — ΗΡΑΚΛΕΙΟΝ — ΔΗΛΟΣ — ΜΥΚΟΝΟΣ — ΠΕΙΡΑΙΕΥΣ). Άναχωρήσεις έκ ΠΕΙΡΑΙΩΣ: 26/10. ΤΙΜΗ ΑΠΟ ΔΡΑΧΜΑΣ 3.900
Πληροφορίαι — Εισιτήρια: Είς όλα τα γραφεία τουρισμού. ΔΩΡΙΚΑΙ ΚΡΟΥΑΖΙΕΡΑΙ Α.Ε. ΑΚΤΗ ΜΙΑΟΥΛΗ 35 - 39 (Μέγαρον Λεμού) Πειραιεύς. Τηλέφ. 477.143, 477.144, 474.492
ΔΕΗ
ΠΡΟΚΗΡΥΞΙΣ ΔΙΑΓΩΝΙΣΜΟΥ ΠΡΟΣΛΗΨΕΩΣ ΠΡΟΣΩΠΙΚΟΥ ΥΠ' ΑΡΙΘ. Δ.Ε.Ο.: 2
(ΤΕΧΝΙΤΩΝ)

1. Ή Δημοσία Επιχείρησις Ηλεκτρισμού προκηρύσσει διαγωνισμόν διά την πρόσληψιν τεχνιτών (Κατηγορίας ΙΓ—3) του Βοηθητικού Δ.Ε.Η.Ι., διά τας ανάγκας της εις Αθήνας και επαρχίας.

2. Είς τον διαγωνισμόν γίνονται δεκτοί υποψήφιοι Έλληνες υπήκοοι ηλικίας μέχρι 35 ετών οι οποίοι:

α) Είναι απόφοιτοι Σχολών Εργοδηγών ή Τεχνικών Σχολών.

β) Έχουν εκπληρώσει τας στρατιωτικάς των υποχρεώσεις.

γ) Έχουν πιστοποιητικό υγείας από κρατικό νοσοκομείο.

3. Αί αιτήσεις υποβάλλονται μέχρι της 4ης Νοεμβρίου 1965 εις τα Γραφεία Προσωπικού της Δ.Ε.Η. Χαλκοκονδύλη 30, Αθήναι.

4. Ό διαγωνισμός θα διεξαχθή την 22αν Νοεμβρίου 1965, ώρα 8 π.μ. εις τας εγκαταστάσεις της Επιχειρήσεως.

(ΕΚ ΤΗΣ Δ.Ε.Η.)
ΓΥΡΙΖΩ — ΡΑΒΩ
Με δραχμάς 320 γυρίζω κοστούμια, παλτά. Ράβω κοστούμια από 450 δρχ. Εργαστήριον Ακαδημίας 50. Τηλ. 620.481.
ΝΤΕΤΕΚΤΙΒ «ΑΘΗΝΣ» εργάζεται με αυστηρά εχεμύθεια. Πληροφορίαι επί παντός ζητήματος. Τηλ. 623.918.
ΠΑΡΑΚΑΤΑΘΗΚΗ επίπλων και ειδών οικοσκευής. Ασφάλεια. Μεταφοραί. Ευριπίδου 77, Αθήναι. Τηλ. 614.454.
